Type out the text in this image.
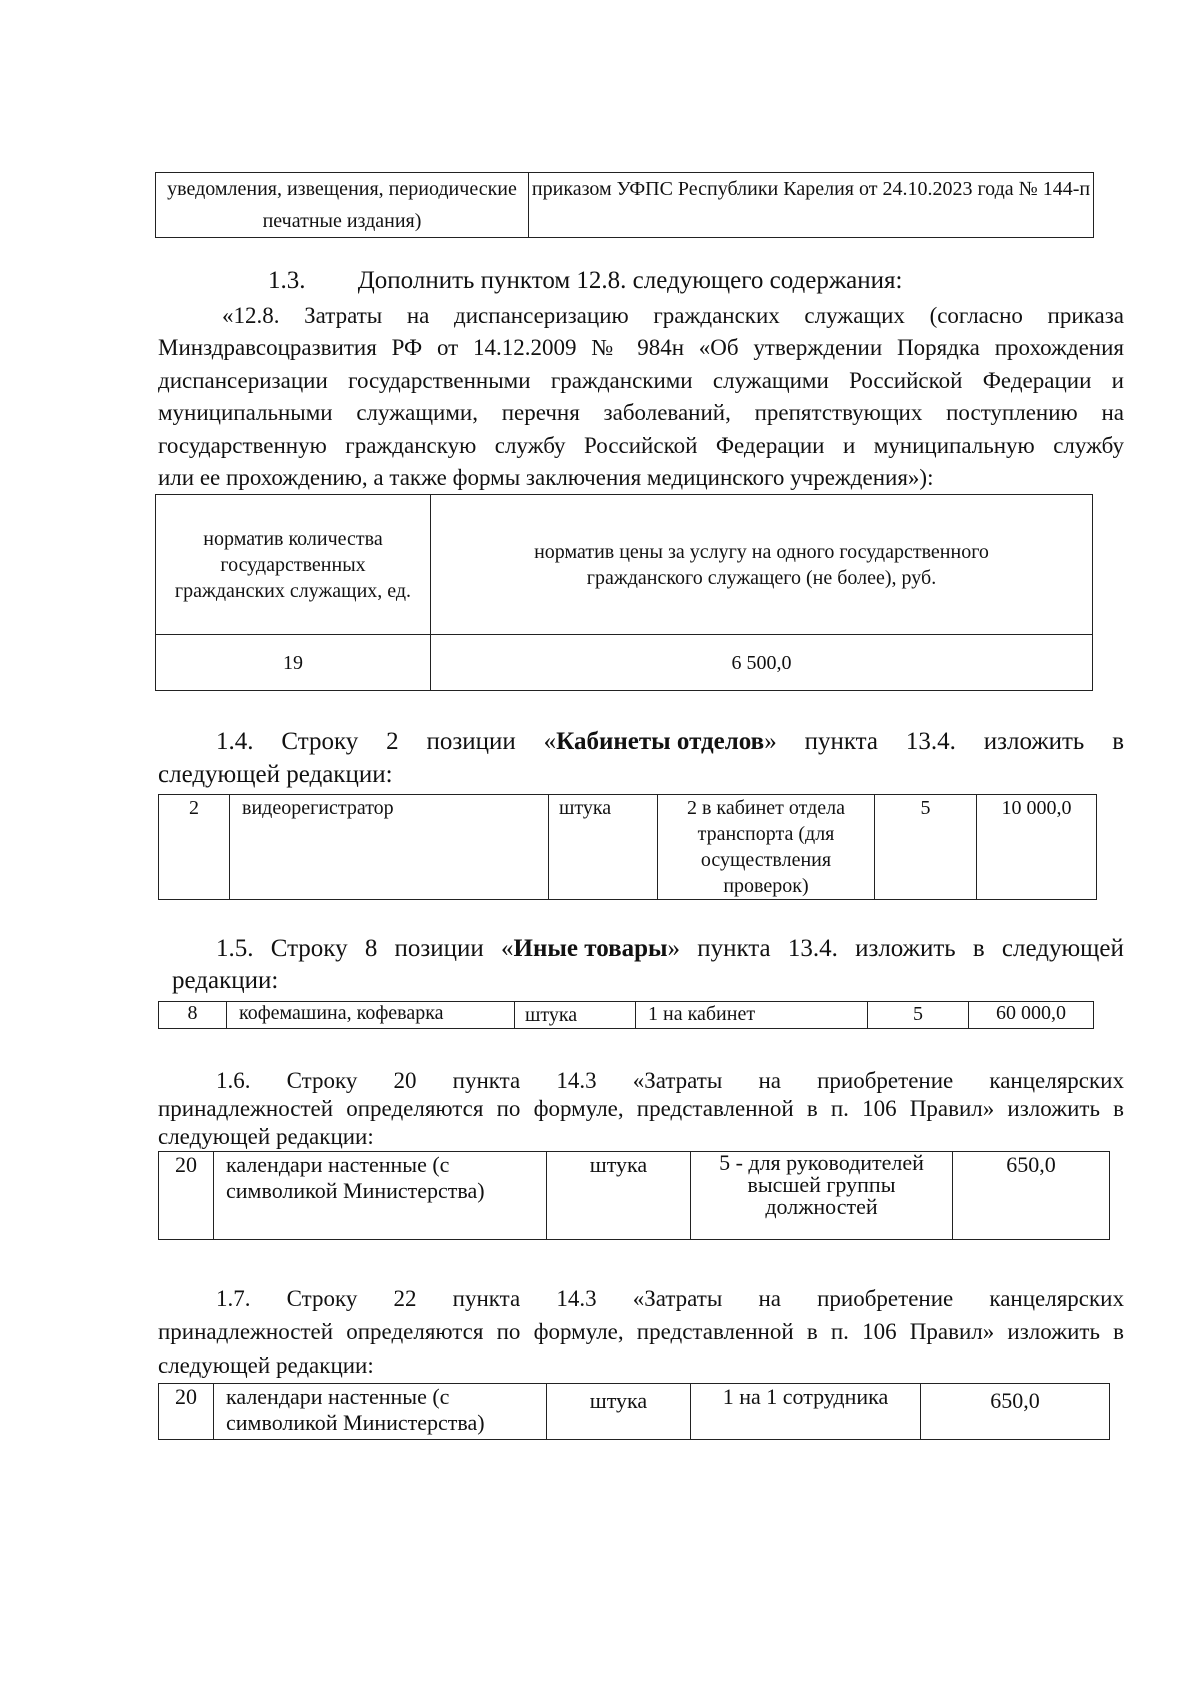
уведомления, извещения, периодические печатные издания)	приказом УФПС Республики Карелия от 24.10.2023 года № 144-п
1.3. Дополнить пунктом 12.8. следующего содержания:
«12.8. Затраты на диспансеризацию гражданских служащих (согласно приказа
Минздравсоцразвития РФ от 14.12.2009 № 984н «Об утверждении Порядка прохождения
диспансеризации государственными гражданскими служащими Российской Федерации и
муниципальными служащими, перечня заболеваний, препятствующих поступлению на
государственную гражданскую службу Российской Федерации и муниципальную службу
или ее прохождению, а также формы заключения медицинского учреждения»):
норматив количества государственных гражданских служащих, ед.	норматив цены за услугу на одного государственного гражданского служащего (не более), руб.
19	6 500,0
1.4. Строку 2 позиции «Кабинеты отделов» пункта 13.4. изложить в
следующей редакции:
2	видеорегистратор	штука	2 в кабинет отдела транспорта (для осуществления проверок)	5	10 000,0
1.5. Строку 8 позиции «Иные товары» пункта 13.4. изложить в следующей
редакции:
8	кофемашина, кофеварка	штука	1 на кабинет	5	60 000,0
1.6. Строку 20 пункта 14.3 «Затраты на приобретение канцелярских
принадлежностей определяются по формуле, представленной в п. 106 Правил» изложить в
следующей редакции:
20	календари настенные (с символикой Министерства)	штука	5 - для руководителей высшей группы должностей	650,0
1.7. Строку 22 пункта 14.3 «Затраты на приобретение канцелярских
принадлежностей определяются по формуле, представленной в п. 106 Правил» изложить в
следующей редакции:
20	календари настенные (с символикой Министерства)	штука	1 на 1 сотрудника	650,0
